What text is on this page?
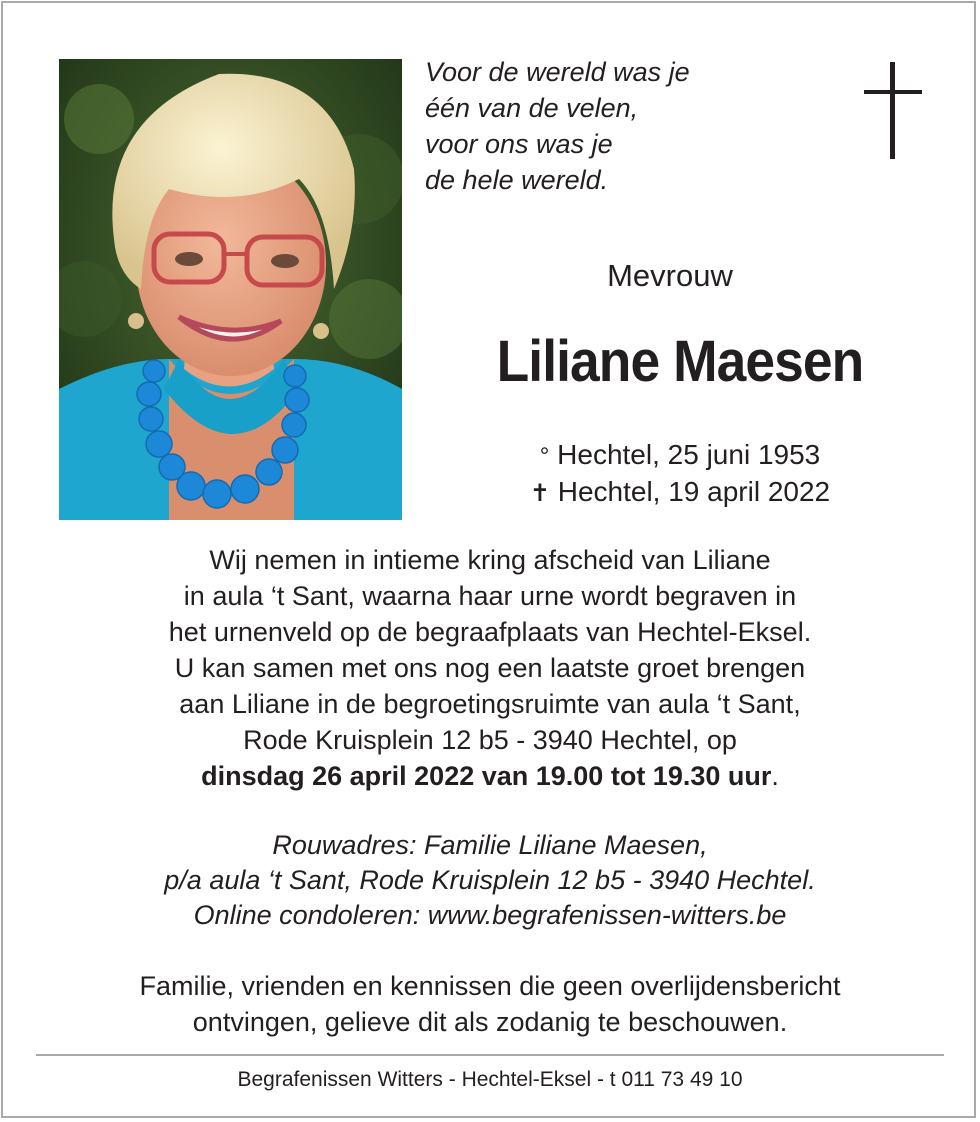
Voor de wereld was je
één van de velen,
voor ons was je
de hele wereld.
Mevrouw
Liliane Maesen
° Hechtel, 25 juni 1953
✝ Hechtel, 19 april 2022
Wij nemen in intieme kring afscheid van Liliane
in aula ‘t Sant, waarna haar urne wordt begraven in
het urnenveld op de begraafplaats van Hechtel-Eksel.
U kan samen met ons nog een laatste groet brengen
aan Liliane in de begroetingsruimte van aula ‘t Sant,
Rode Kruisplein 12 b5 - 3940 Hechtel, op
dinsdag 26 april 2022 van 19.00 tot 19.30 uur.
Rouwadres: Familie Liliane Maesen,
p/a aula ‘t Sant, Rode Kruisplein 12 b5 - 3940 Hechtel.
Online condoleren: www.begrafenissen-witters.be
Familie, vrienden en kennissen die geen overlijdensbericht
ontvingen, gelieve dit als zodanig te beschouwen.
Begrafenissen Witters - Hechtel-Eksel - t 011 73 49 10
